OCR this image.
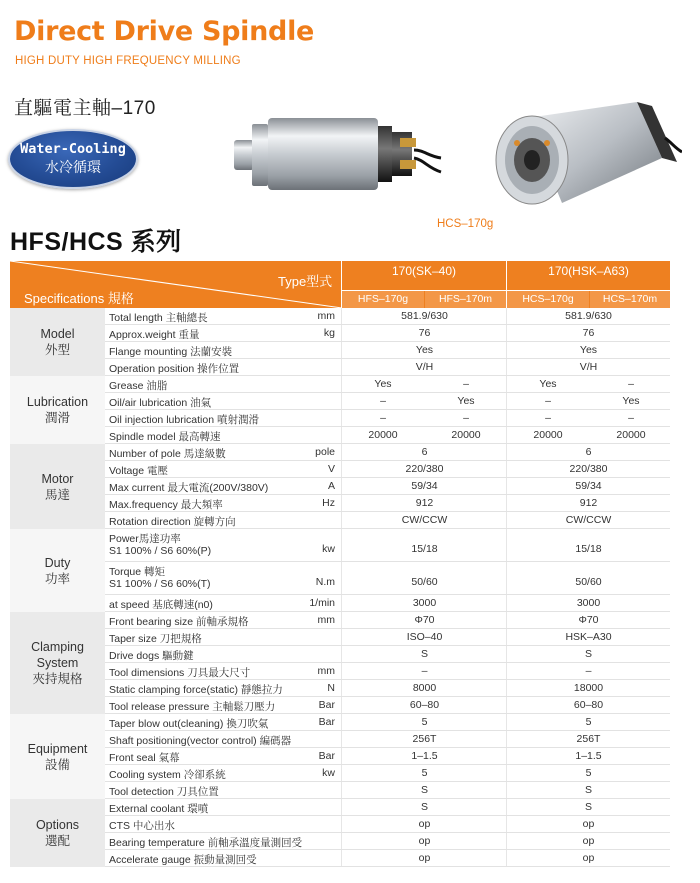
Direct Drive Spindle
HIGH DUTY HIGH FREQUENCY MILLING
直驅電主軸–170
Water-Cooling
水冷循環
HCS–170g
HFS/HCS 系列
Type型式
Specifications 規格
170(SK–40)	170(HSK–A63)
HFS–170g	HFS–170m	HCS–170g	HCS–170m
Model
外型
Total length 主軸總長	mm	581.9/630	581.9/630
Approx.weight 重量	kg	76	76
Flange mounting 法蘭安裝	Yes	Yes
Operation position 操作位置	V/H	V/H
Lubrication
潤滑
Grease 油脂	Yes	–	Yes	–
Oil/air lubrication 油氣	–	Yes	–	Yes
Oil injection lubrication 噴射潤滑	–	–	–	–
Spindle model 最高轉速	20000	20000	20000	20000
Motor
馬達
Number of pole 馬達級數	pole	6	6
Voltage 電壓	V	220/380	220/380
Max current 最大電流(200V/380V)	A	59/34	59/34
Max.frequency 最大頻率	Hz	912	912
Rotation direction 旋轉方向	CW/CCW	CW/CCW
Duty
功率
Power馬達功率
S1 100% / S6 60%(P)	kw	15/18	15/18
Torque 轉矩
S1 100% / S6 60%(T)	N.m	50/60	50/60
at speed 基底轉速(n0)	1/min	3000	3000
Clamping
System
夾持規格
Front bearing size 前軸承規格	mm	Φ70	Φ70
Taper size 刀把規格	ISO–40	HSK–A30
Drive dogs 驅動鍵	S	S
Tool dimensions 刀具最大尺寸	mm	–	–
Static clamping force(static) 靜態拉力	N	8000	18000
Tool release pressure 主軸鬆刀壓力	Bar	60–80	60–80
Equipment
設備
Taper blow out(cleaning) 換刀吹氣	Bar	5	5
Shaft positioning(vector control) 編碼器	256T	256T
Front seal 氣幕	Bar	1–1.5	1–1.5
Cooling system 冷卻系統	kw	5	5
Tool detection 刀具位置	S	S
Options
選配
External coolant 環噴	S	S
CTS 中心出水	op	op
Bearing temperature 前軸承溫度量測回受	op	op
Accelerate gauge 振動量測回受	op	op
